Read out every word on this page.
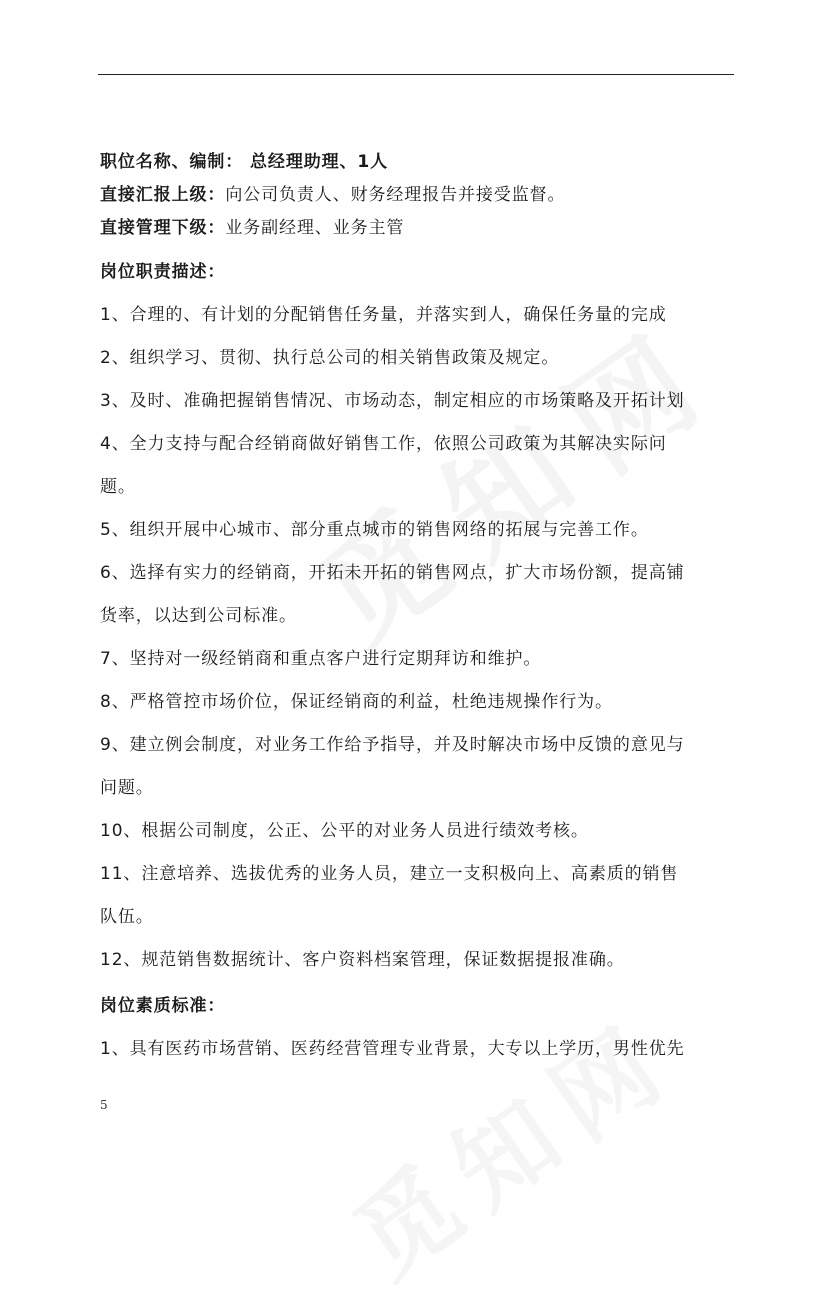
职位名称、编制： 总经理助理、1人
直接汇报上级：向公司负责人、财务经理报告并接受监督。
直接管理下级：业务副经理、业务主管
岗位职责描述：
1、合理的、有计划的分配销售任务量，并落实到人，确保任务量的完成
2、组织学习、贯彻、执行总公司的相关销售政策及规定。
3、及时、准确把握销售情况、市场动态，制定相应的市场策略及开拓计划
4、全力支持与配合经销商做好销售工作，依照公司政策为其解决实际问
题。
5、组织开展中心城市、部分重点城市的销售网络的拓展与完善工作。
6、选择有实力的经销商，开拓未开拓的销售网点，扩大市场份额，提高铺
货率，以达到公司标准。
7、坚持对一级经销商和重点客户进行定期拜访和维护。
8、严格管控市场价位，保证经销商的利益，杜绝违规操作行为。
9、建立例会制度，对业务工作给予指导，并及时解决市场中反馈的意见与
问题。
10、根据公司制度，公正、公平的对业务人员进行绩效考核。
11、注意培养、选拔优秀的业务人员，建立一支积极向上、高素质的销售
队伍。
12、规范销售数据统计、客户资料档案管理，保证数据提报准确。
岗位素质标准：
1、具有医药市场营销、医药经营管理专业背景，大专以上学历，男性优先
5
